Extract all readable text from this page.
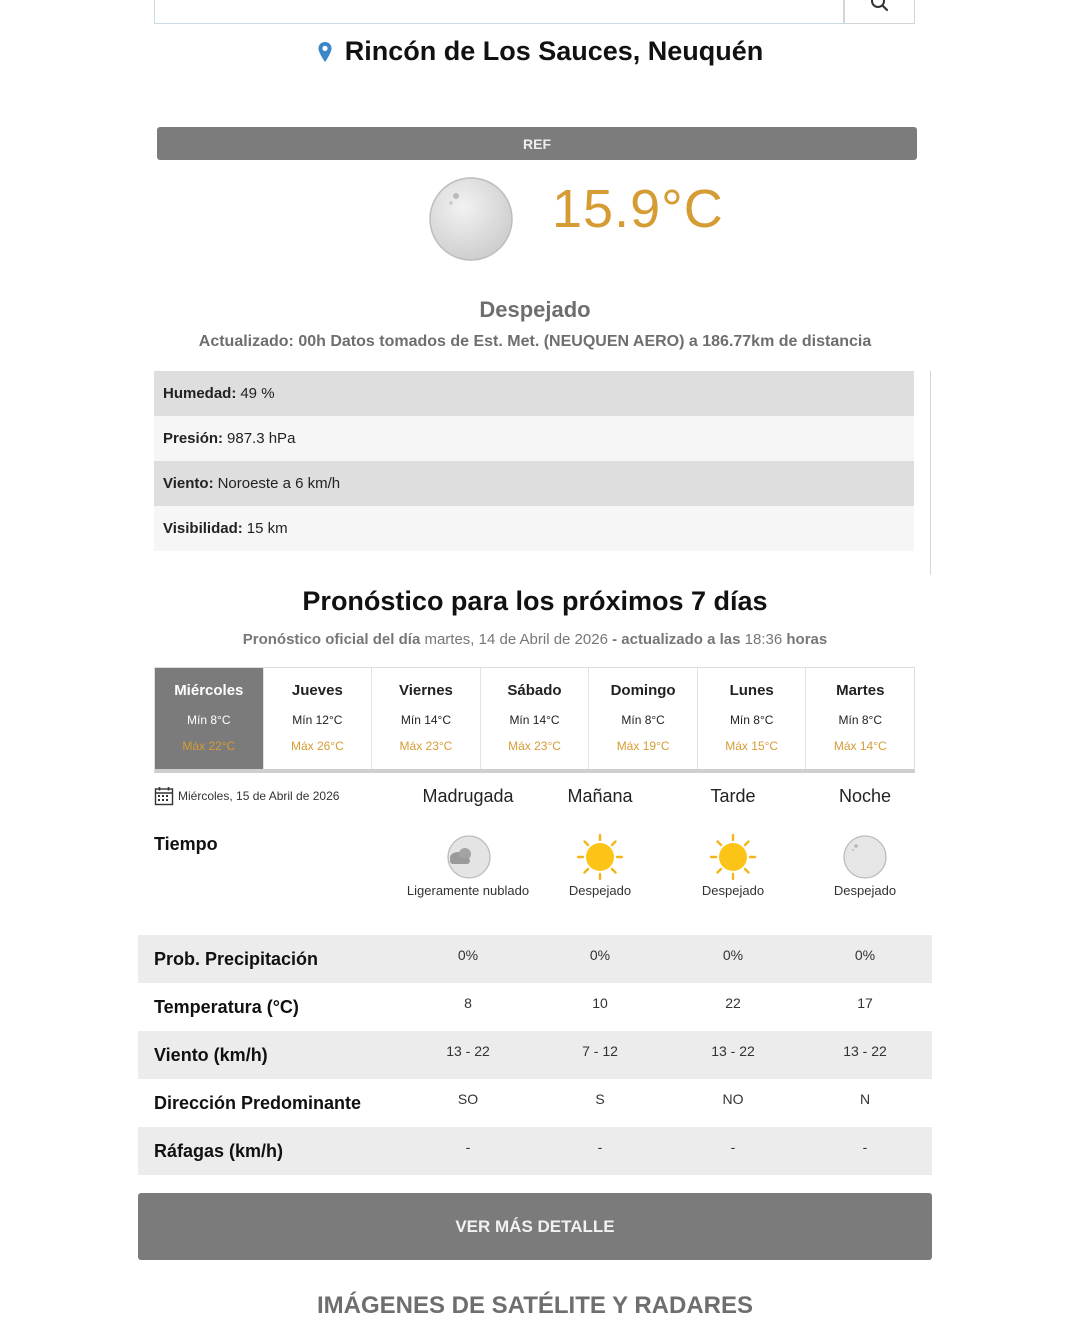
Rincón de Los Sauces, Neuquén
REF
15.9°C
Despejado
Actualizado: 00h Datos tomados de Est. Met. (NEUQUEN AERO) a 186.77km de distancia
Humedad: 49 %
Presión: 987.3 hPa
Viento: Noroeste a 6 km/h
Visibilidad: 15 km
Pronóstico para los próximos 7 días
Pronóstico oficial del día martes, 14 de Abril de 2026 - actualizado a las 18:36 horas
Miércoles
Mín 8°C
Máx 22°C
Jueves
Mín 12°C
Máx 26°C
Viernes
Mín 14°C
Máx 23°C
Sábado
Mín 14°C
Máx 23°C
Domingo
Mín 8°C
Máx 19°C
Lunes
Mín 8°C
Máx 15°C
Martes
Mín 8°C
Máx 14°C
Miércoles, 15 de Abril de 2026	Madrugada	Mañana	Tarde	Noche
Tiempo
Ligeramente nublado	Despejado	Despejado	Despejado
Prob. Precipitación	0%	0%	0%	0%
Temperatura (°C)	8	10	22	17
Viento (km/h)	13 - 22	7 - 12	13 - 22	13 - 22
Dirección Predominante	SO	S	NO	N
Ráfagas (km/h)	-	-	-	-
VER MÁS DETALLE
IMÁGENES DE SATÉLITE Y RADARES
